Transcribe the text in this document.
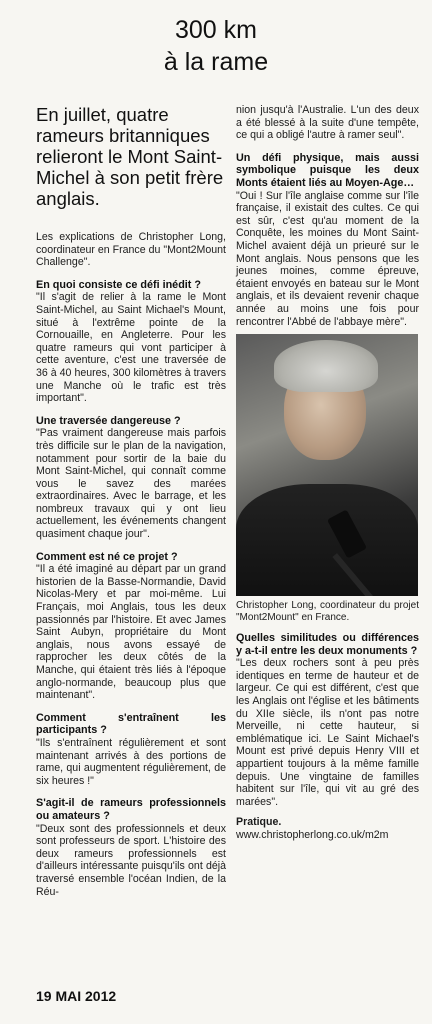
300 km
à la rame
En juillet, quatre rameurs britanniques relieront le Mont Saint-Michel à son petit frère anglais.

Les explications de Christopher Long, coordinateur en France du "Mont2Mount Challenge".

En quoi consiste ce défi inédit ?

"Il s'agit de relier à la rame le Mont Saint-Michel, au Saint Michael's Mount, situé à l'extrême pointe de la Cornouaille, en Angleterre. Pour les quatre rameurs qui vont participer à cette aventure, c'est une traversée de 36 à 40 heures, 300 kilomètres à travers une Manche où le trafic est très important".

Une traversée dangereuse ?

"Pas vraiment dangereuse mais parfois très difficile sur le plan de la navigation, notamment pour sortir de la baie du Mont Saint-Michel, qui connaît comme vous le savez des marées extraordinaires. Avec le barrage, et les nombreux travaux qui y ont lieu actuellement, les événements changent quasiment chaque jour".

Comment est né ce projet ?

"Il a été imaginé au départ par un grand historien de la Basse-Normandie, David Nicolas-Mery et par moi-même. Lui Français, moi Anglais, tous les deux passionnés par l'histoire. Et avec James Saint Aubyn, propriétaire du Mont anglais, nous avons essayé de rapprocher les deux côtés de la Manche, qui étaient très liés à l'époque anglo-normande, beaucoup plus que maintenant".

Comment s'entraînent les participants ?

"Ils s'entraînent régulièrement et sont maintenant arrivés à des portions de rame, qui augmentent régulièrement, de six heures !"

S'agit-il de rameurs professionnels ou amateurs ?

"Deux sont des professionnels et deux sont professeurs de sport. L'histoire des deux rameurs professionnels est d'ailleurs intéressante puisqu'ils ont déjà traversé ensemble l'océan Indien, de la Réu-

nion jusqu'à l'Australie. L'un des deux a été blessé à la suite d'une tempête, ce qui a obligé l'autre à ramer seul".

Un défi physique, mais aussi symbolique puisque les deux Monts étaient liés au Moyen-Age…

"Oui ! Sur l'île anglaise comme sur l'île française, il existait des cultes. Ce qui est sûr, c'est qu'au moment de la Conquête, les moines du Mont Saint-Michel avaient déjà un prieuré sur le Mont anglais. Nous pensons que les jeunes moines, comme épreuve, étaient envoyés en bateau sur le Mont anglais, et ils devaient revenir chaque année au moins une fois pour rencontrer l'Abbé de l'abbaye mère".

Christopher Long, coordinateur du projet "Mont2Mount" en France.

Quelles similitudes ou différences y a-t-il entre les deux monuments ?

"Les deux rochers sont à peu près identiques en terme de hauteur et de largeur. Ce qui est différent, c'est que les Anglais ont l'église et les bâtiments du XIIe siècle, ils n'ont pas notre Merveille, ni cette hauteur, si emblématique ici. Le Saint Michael's Mount est privé depuis Henry VIII et appartient toujours à la même famille depuis. Une vingtaine de familles habitent sur l'île, qui vit au gré des marées".

Pratique. www.christopherlong.co.uk/m2m

19 MAI 2012
